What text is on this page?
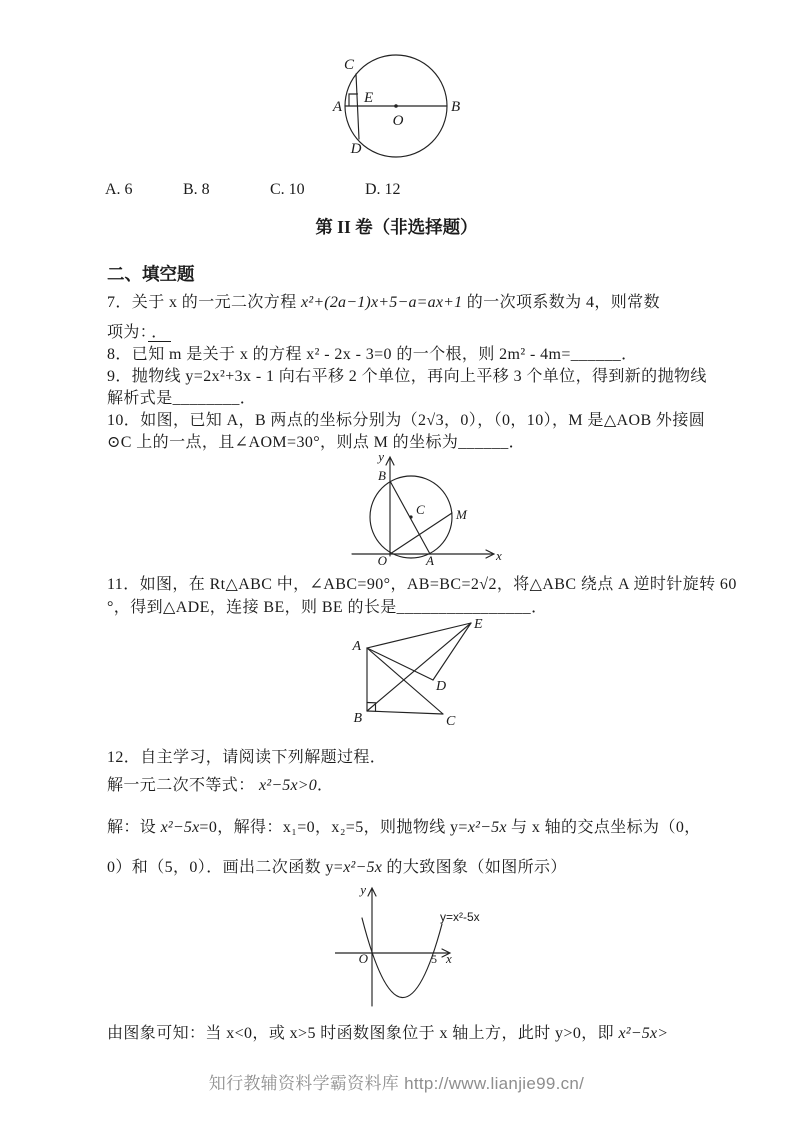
C
A
E
B
O
D
A. 6	B. 8	C. 10	D. 12
第 II 卷（非选择题）
二、填空题
7．关于 x 的一元二次方程 x²+(2a−1)x+5−a=ax+1 的一次项系数为 4，则常数
项为： ．
8．已知 m 是关于 x 的方程 x² - 2x - 3=0 的一个根，则 2m² - 4m=______．
9．抛物线 y=2x²+3x - 1 向右平移 2 个单位，再向上平移 3 个单位，得到新的抛物线
解析式是________．
10．如图，已知 A，B 两点的坐标分别为（2√3，0），（0，10），M 是△AOB 外接圆
⊙C 上的一点，且∠AOM=30°，则点 M 的坐标为______．
y
x
B
C M
O	A
11．如图，在 Rt△ABC 中，∠ABC=90°，AB=BC=2√2，将△ABC 绕点 A 逆时针旋转 60
°，得到△ADE，连接 BE，则 BE 的长是________________．
A
E
B	C
D
12．自主学习，请阅读下列解题过程．
解一元二次不等式： x²−5x>0．
解：设 x²−5x=0，解得：x₁=0，x₂=5，则抛物线 y=x²−5x 与 x 轴的交点坐标为（0，
0）和（5，0）．画出二次函数 y=x²−5x 的大致图象（如图所示）
y
x
O	5
y=x²-5x
由图象可知：当 x<0，或 x>5 时函数图象位于 x 轴上方，此时 y>0，即 x²−5x>
知行教辅资料学霸资料库 http://www.lianjie99.cn/
